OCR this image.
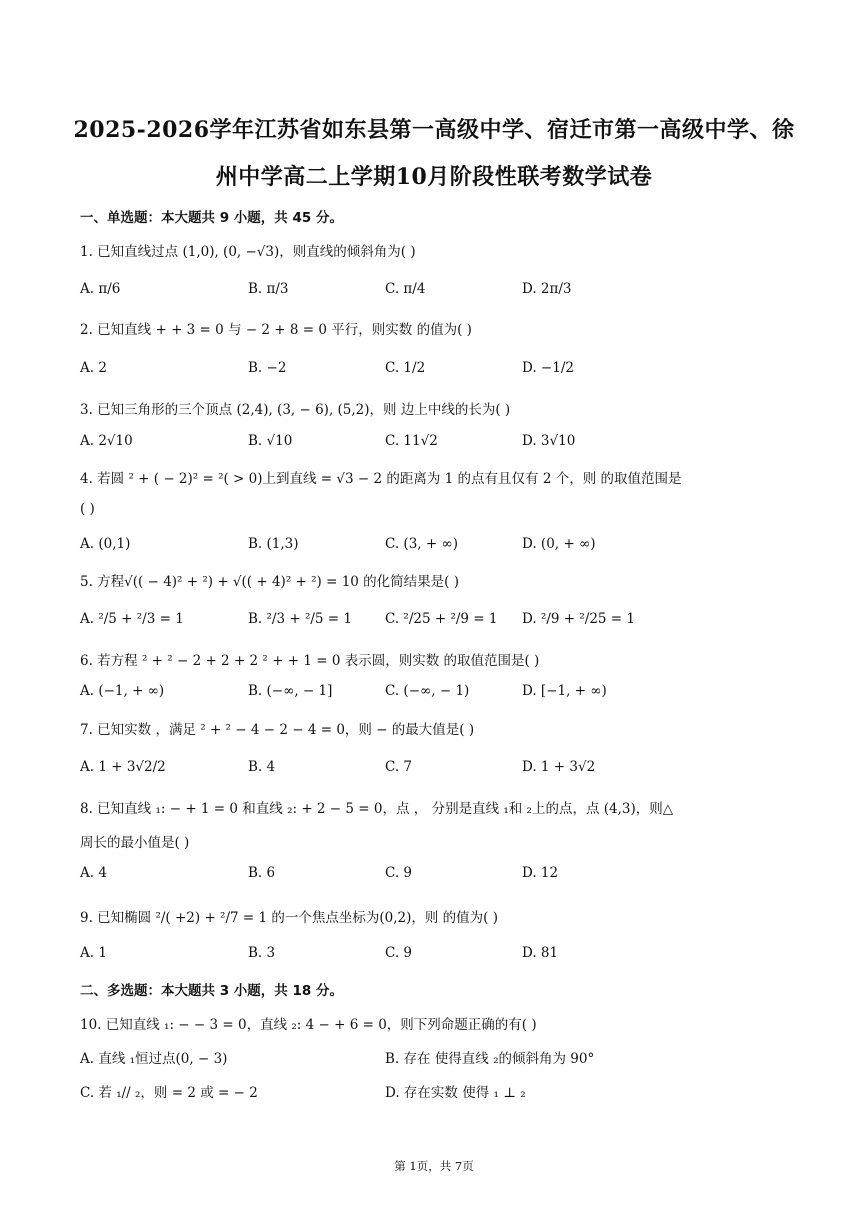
2025-2026学年江苏省如东县第一高级中学、宿迁市第一高级中学、徐
州中学高二上学期10月阶段性联考数学试卷
一、单选题：本大题共 9 小题，共 45 分。
1. 已知直线过点 (1,0), (0, −√3)，则直线的倾斜角为( )
A. π/6	B. π/3	C. π/4	D. 2π/3
2. 已知直线 + + 3 = 0 与 − 2 + 8 = 0 平行，则实数 的值为( )
A. 2	B. −2	C. 1/2	D. −1/2
3. 已知三角形的三个顶点 (2,4), (3, − 6), (5,2)，则 边上中线的长为( )
A. 2√10	B. √10	C. 11√2	D. 3√10
4. 若圆 ² + ( − 2)² = ²( > 0)上到直线 = √3 − 2 的距离为 1 的点有且仅有 2 个，则 的取值范围是
( )
A. (0,1)	B. (1,3)	C. (3, + ∞)	D. (0, + ∞)
5. 方程√(( − 4)² + ²) + √(( + 4)² + ²) = 10 的化简结果是( )
A. ²/5 + ²/3 = 1	B. ²/3 + ²/5 = 1 C. ²/25 + ²/9 = 1 D. ²/9 + ²/25 = 1
6. 若方程 ² + ² − 2 + 2 + 2 ² + + 1 = 0 表示圆，则实数 的取值范围是( )
A. (−1, + ∞)	B. (−∞, − 1]	C. (−∞, − 1)	D. [−1, + ∞)
7. 已知实数 ，满足 ² + ² − 4 − 2 − 4 = 0，则 − 的最大值是( )
A. 1 + 3√2/2	B. 4	C. 7	D. 1 + 3√2
8. 已知直线 ₁: − + 1 = 0 和直线 ₂: + 2 − 5 = 0，点 ， 分别是直线 ₁和 ₂上的点，点 (4,3)，则△
周长的最小值是( )
A. 4	B. 6	C. 9	D. 12
9. 已知椭圆 ²/( +2) + ²/7 = 1 的一个焦点坐标为(0,2)，则 的值为( )
A. 1	B. 3	C. 9	D. 81
二、多选题：本大题共 3 小题，共 18 分。
10. 已知直线 ₁: − − 3 = 0，直线 ₂: 4 − + 6 = 0，则下列命题正确的有( )
A. 直线 ₁恒过点(0, − 3)	B. 存在 使得直线 ₂的倾斜角为 90°
C. 若 ₁// ₂，则 = 2 或 = − 2	D. 存在实数 使得 ₁ ⊥ ₂
第 1页，共 7页
